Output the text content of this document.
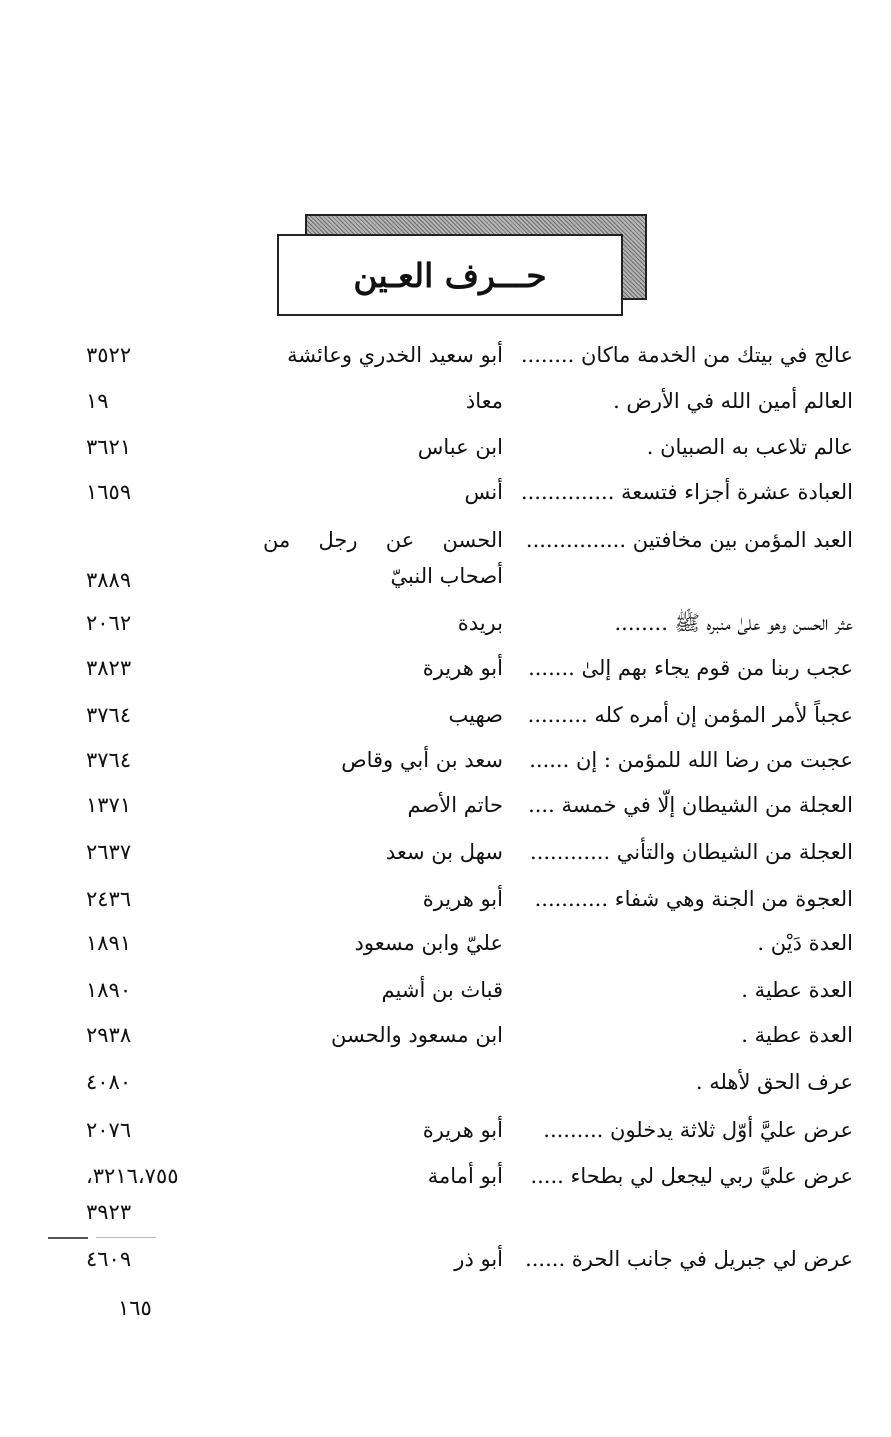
حـــرف العـين
عالج في بيتك من الخدمة ماكان ........
أبو سعيد الخدري وعائشة
٣٥٢٢
العالم أمين الله في الأرض .
معاذ
١٩
عالم تلاعب به الصبيان .
ابن عباس
٣٦٢١
العبادة عشرة أجزاء فتسعة ..............
أنس
١٦٥٩
العبد المؤمن بين مخافتين ...............
الحسن عن رجل من أصحاب النبيّ
٣٨٨٩
عثر الحسن وهو علىٰ منبره ﷺ ........
بريدة
٢٠٦٢
عجب ربنا من قوم يجاء بهم إلىٰ .......
أبو هريرة
٣٨٢٣
عجباً لأمر المؤمن إن أمره كله .........
صهيب
٣٧٦٤
عجبت من رضا الله للمؤمن : إن ......
سعد بن أبي وقاص
٣٧٦٤
العجلة من الشيطان إلّا في خمسة ....
حاتم الأصم
١٣٧١
العجلة من الشيطان والتأني ............
سهل بن سعد
٢٦٣٧
العجوة من الجنة وهي شفاء ...........
أبو هريرة
٢٤٣٦
العدة دَيْن .
عليّ وابن مسعود
١٨٩١
العدة عطية .
قباث بن أشيم
١٨٩٠
العدة عطية .
ابن مسعود والحسن
٢٩٣٨
عرف الحق لأهله .
٤٠٨٠
عرض عليَّ أوّل ثلاثة يدخلون .........
أبو هريرة
٢٠٧٦
عرض عليَّ ربي ليجعل لي بطحاء .....
أبو أمامة
٣٢١٦،٧٥٥، ٣٩٢٣
عرض لي جبريل في جانب الحرة ......
أبو ذر
٤٦٠٩
١٦٥
